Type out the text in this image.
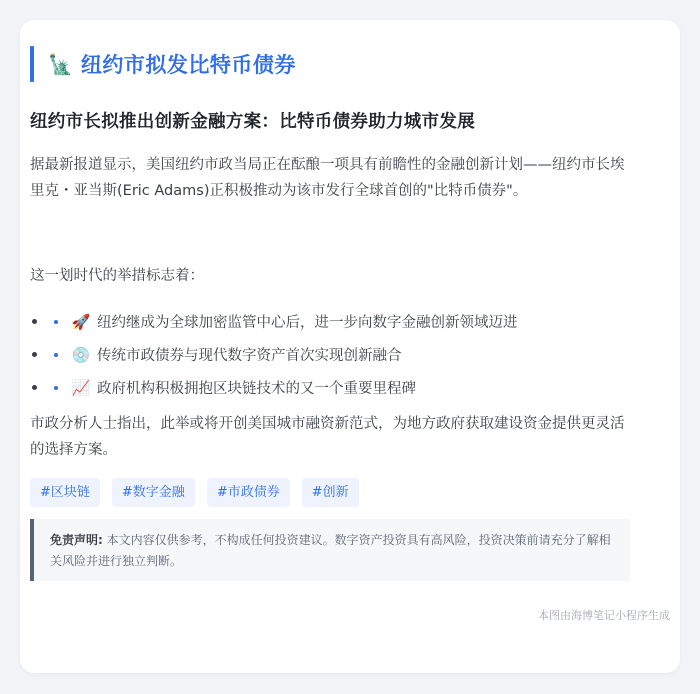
🗽 纽约市拟发比特币债券
纽约市长拟推出创新金融方案：比特币债券助力城市发展
据最新报道显示，美国纽约市政当局正在酝酿一项具有前瞻性的金融创新计划——纽约市长埃里克・亚当斯(Eric Adams)正积极推动为该市发行全球首创的"比特币债券"。
这一划时代的举措标志着：
🚀 纽约继成为全球加密监管中心后，进一步向数字金融创新领域迈进
💿 传统市政债券与现代数字资产首次实现创新融合
📈 政府机构积极拥抱区块链技术的又一个重要里程碑
市政分析人士指出，此举或将开创美国城市融资新范式，为地方政府获取建设资金提供更灵活的选择方案。
#区块链	#数字金融	#市政债券	#创新
免责声明: 本文内容仅供参考，不构成任何投资建议。数字资产投资具有高风险，投资决策前请充分了解相关风险并进行独立判断。
本图由海博笔记小程序生成
